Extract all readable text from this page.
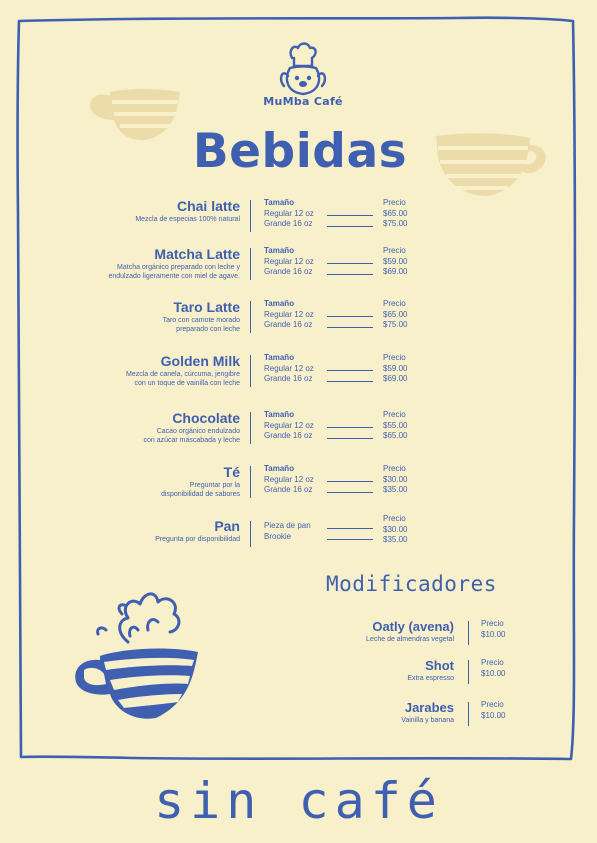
MuMba Café
Bebidas
Chai latte
Mezcla de especias 100% natural
Tamaño
Regular 12 oz
Grande 16 oz
Precio
$65.00
$75.00
Matcha Latte
Matcha orgánico preparado con leche y
endulzado ligeramente con miel de agave.
Tamaño
Regular 12 oz
Grande 16 oz
Precio
$59.00
$69.00
Taro Latte
Taro con camote morado
preparado con leche
Tamaño
Regular 12 oz
Grande 16 oz
Precio
$65.00
$75.00
Golden Milk
Mezcla de canela, cúrcuma, jengibre
con un toque de vainilla con leche
Tamaño
Regular 12 oz
Grande 16 oz
Precio
$59.00
$69.00
Chocolate
Cacao orgánico endulzado
con azúcar mascabada y leche
Tamaño
Regular 12 oz
Grande 16 oz
Precio
$55.00
$65.00
Té
Preguntar por la
disponibilidad de sabores
Tamaño
Regular 12 oz
Grande 16 oz
Precio
$30.00
$35.00
Pan
Pregunta por disponibilidad
Pieza de pan
Brookie
Precio
$30.00
$35.00
Modificadores
Oatly (avena)
Leche de almendras vegetal
Precio
$10.00
Shot
Extra espresso
Precio
$10.00
Jarabes
Vainilla y banana
Precio
$10.00
sin café
